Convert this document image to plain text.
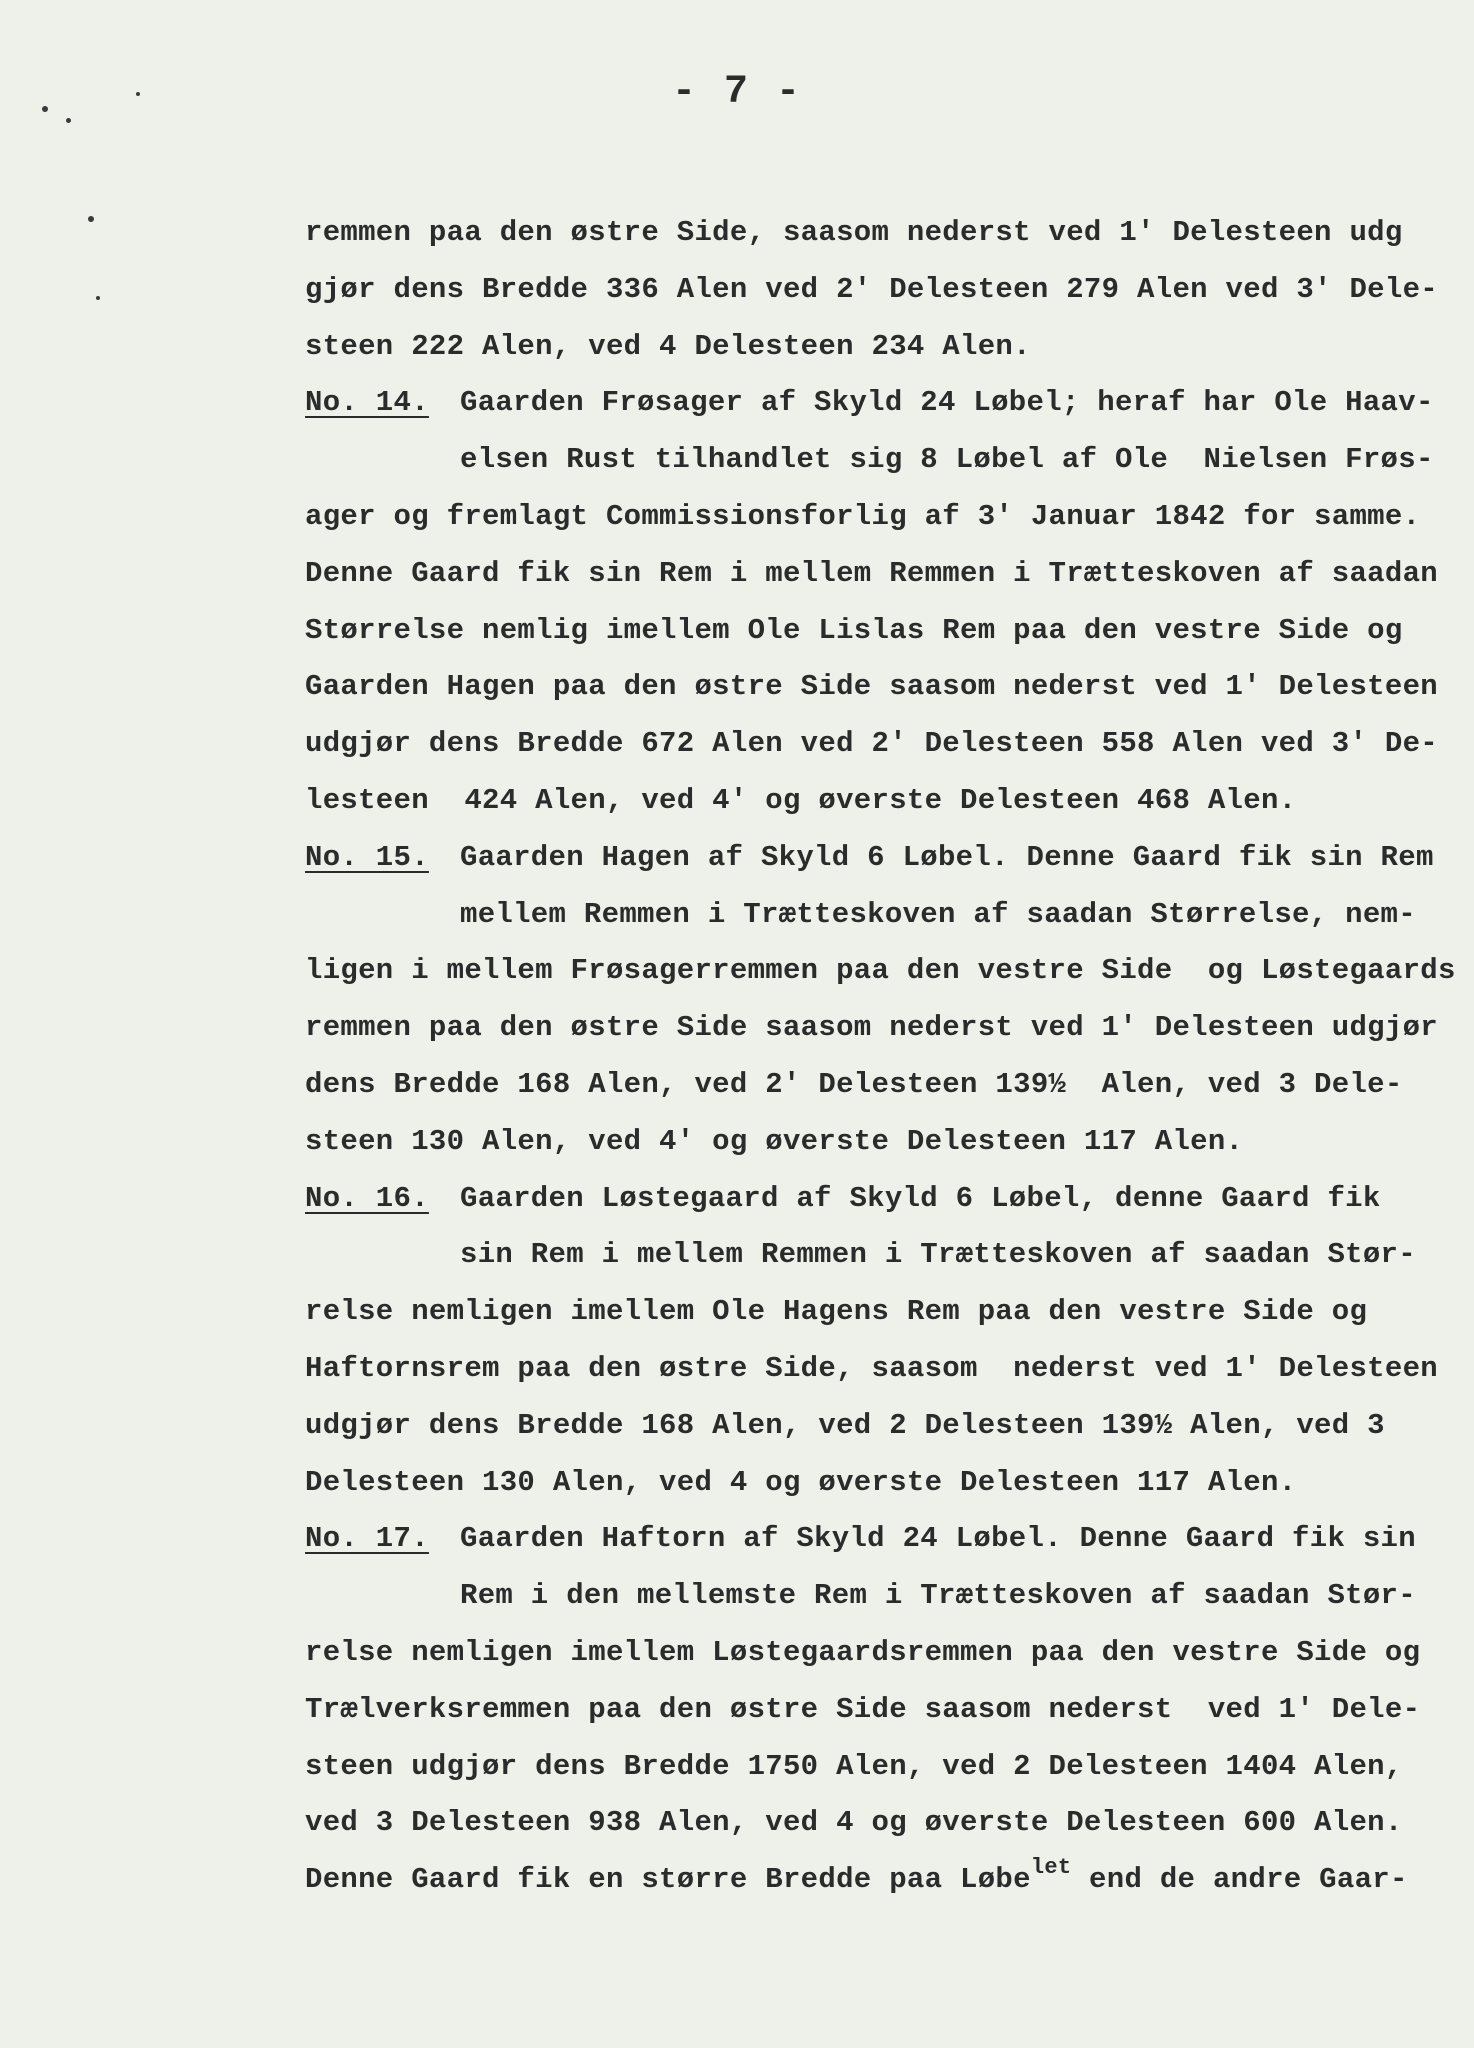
- 7 -
remmen paa den østre Side, saasom nederst ved 1' Delesteen udg
gjør dens Bredde 336 Alen ved 2' Delesteen 279 Alen ved 3' Dele-
steen 222 Alen, ved 4 Delesteen 234 Alen.
No. 14. Gaarden Frøsager af Skyld 24 Løbel; heraf har Ole Haav-
elsen Rust tilhandlet sig 8 Løbel af Ole  Nielsen Frøs-
ager og fremlagt Commissionsforlig af 3' Januar 1842 for samme.
Denne Gaard fik sin Rem i mellem Remmen i Trætteskoven af saadan
Størrelse nemlig imellem Ole Lislas Rem paa den vestre Side og
Gaarden Hagen paa den østre Side saasom nederst ved 1' Delesteen
udgjør dens Bredde 672 Alen ved 2' Delesteen 558 Alen ved 3' De-
lesteen  424 Alen, ved 4' og øverste Delesteen 468 Alen.
No. 15. Gaarden Hagen af Skyld 6 Løbel. Denne Gaard fik sin Rem
mellem Remmen i Trætteskoven af saadan Størrelse, nem-
ligen i mellem Frøsagerremmen paa den vestre Side  og Løstegaards
remmen paa den østre Side saasom nederst ved 1' Delesteen udgjør
dens Bredde 168 Alen, ved 2' Delesteen 139½  Alen, ved 3 Dele-
steen 130 Alen, ved 4' og øverste Delesteen 117 Alen.
No. 16. Gaarden Løstegaard af Skyld 6 Løbel, denne Gaard fik
sin Rem i mellem Remmen i Trætteskoven af saadan Stør-
relse nemligen imellem Ole Hagens Rem paa den vestre Side og
Haftornsrem paa den østre Side, saasom  nederst ved 1' Delesteen
udgjør dens Bredde 168 Alen, ved 2 Delesteen 139½ Alen, ved 3
Delesteen 130 Alen, ved 4 og øverste Delesteen 117 Alen.
No. 17. Gaarden Haftorn af Skyld 24 Løbel. Denne Gaard fik sin
Rem i den mellemste Rem i Trætteskoven af saadan Stør-
relse nemligen imellem Løstegaardsremmen paa den vestre Side og
Trælverksremmen paa den østre Side saasom nederst  ved 1' Dele-
steen udgjør dens Bredde 1750 Alen, ved 2 Delesteen 1404 Alen,
ved 3 Delesteen 938 Alen, ved 4 og øverste Delesteen 600 Alen.
Denne Gaard fik en større Bredde paa Løbe$^{let}$ end de andre Gaar-
